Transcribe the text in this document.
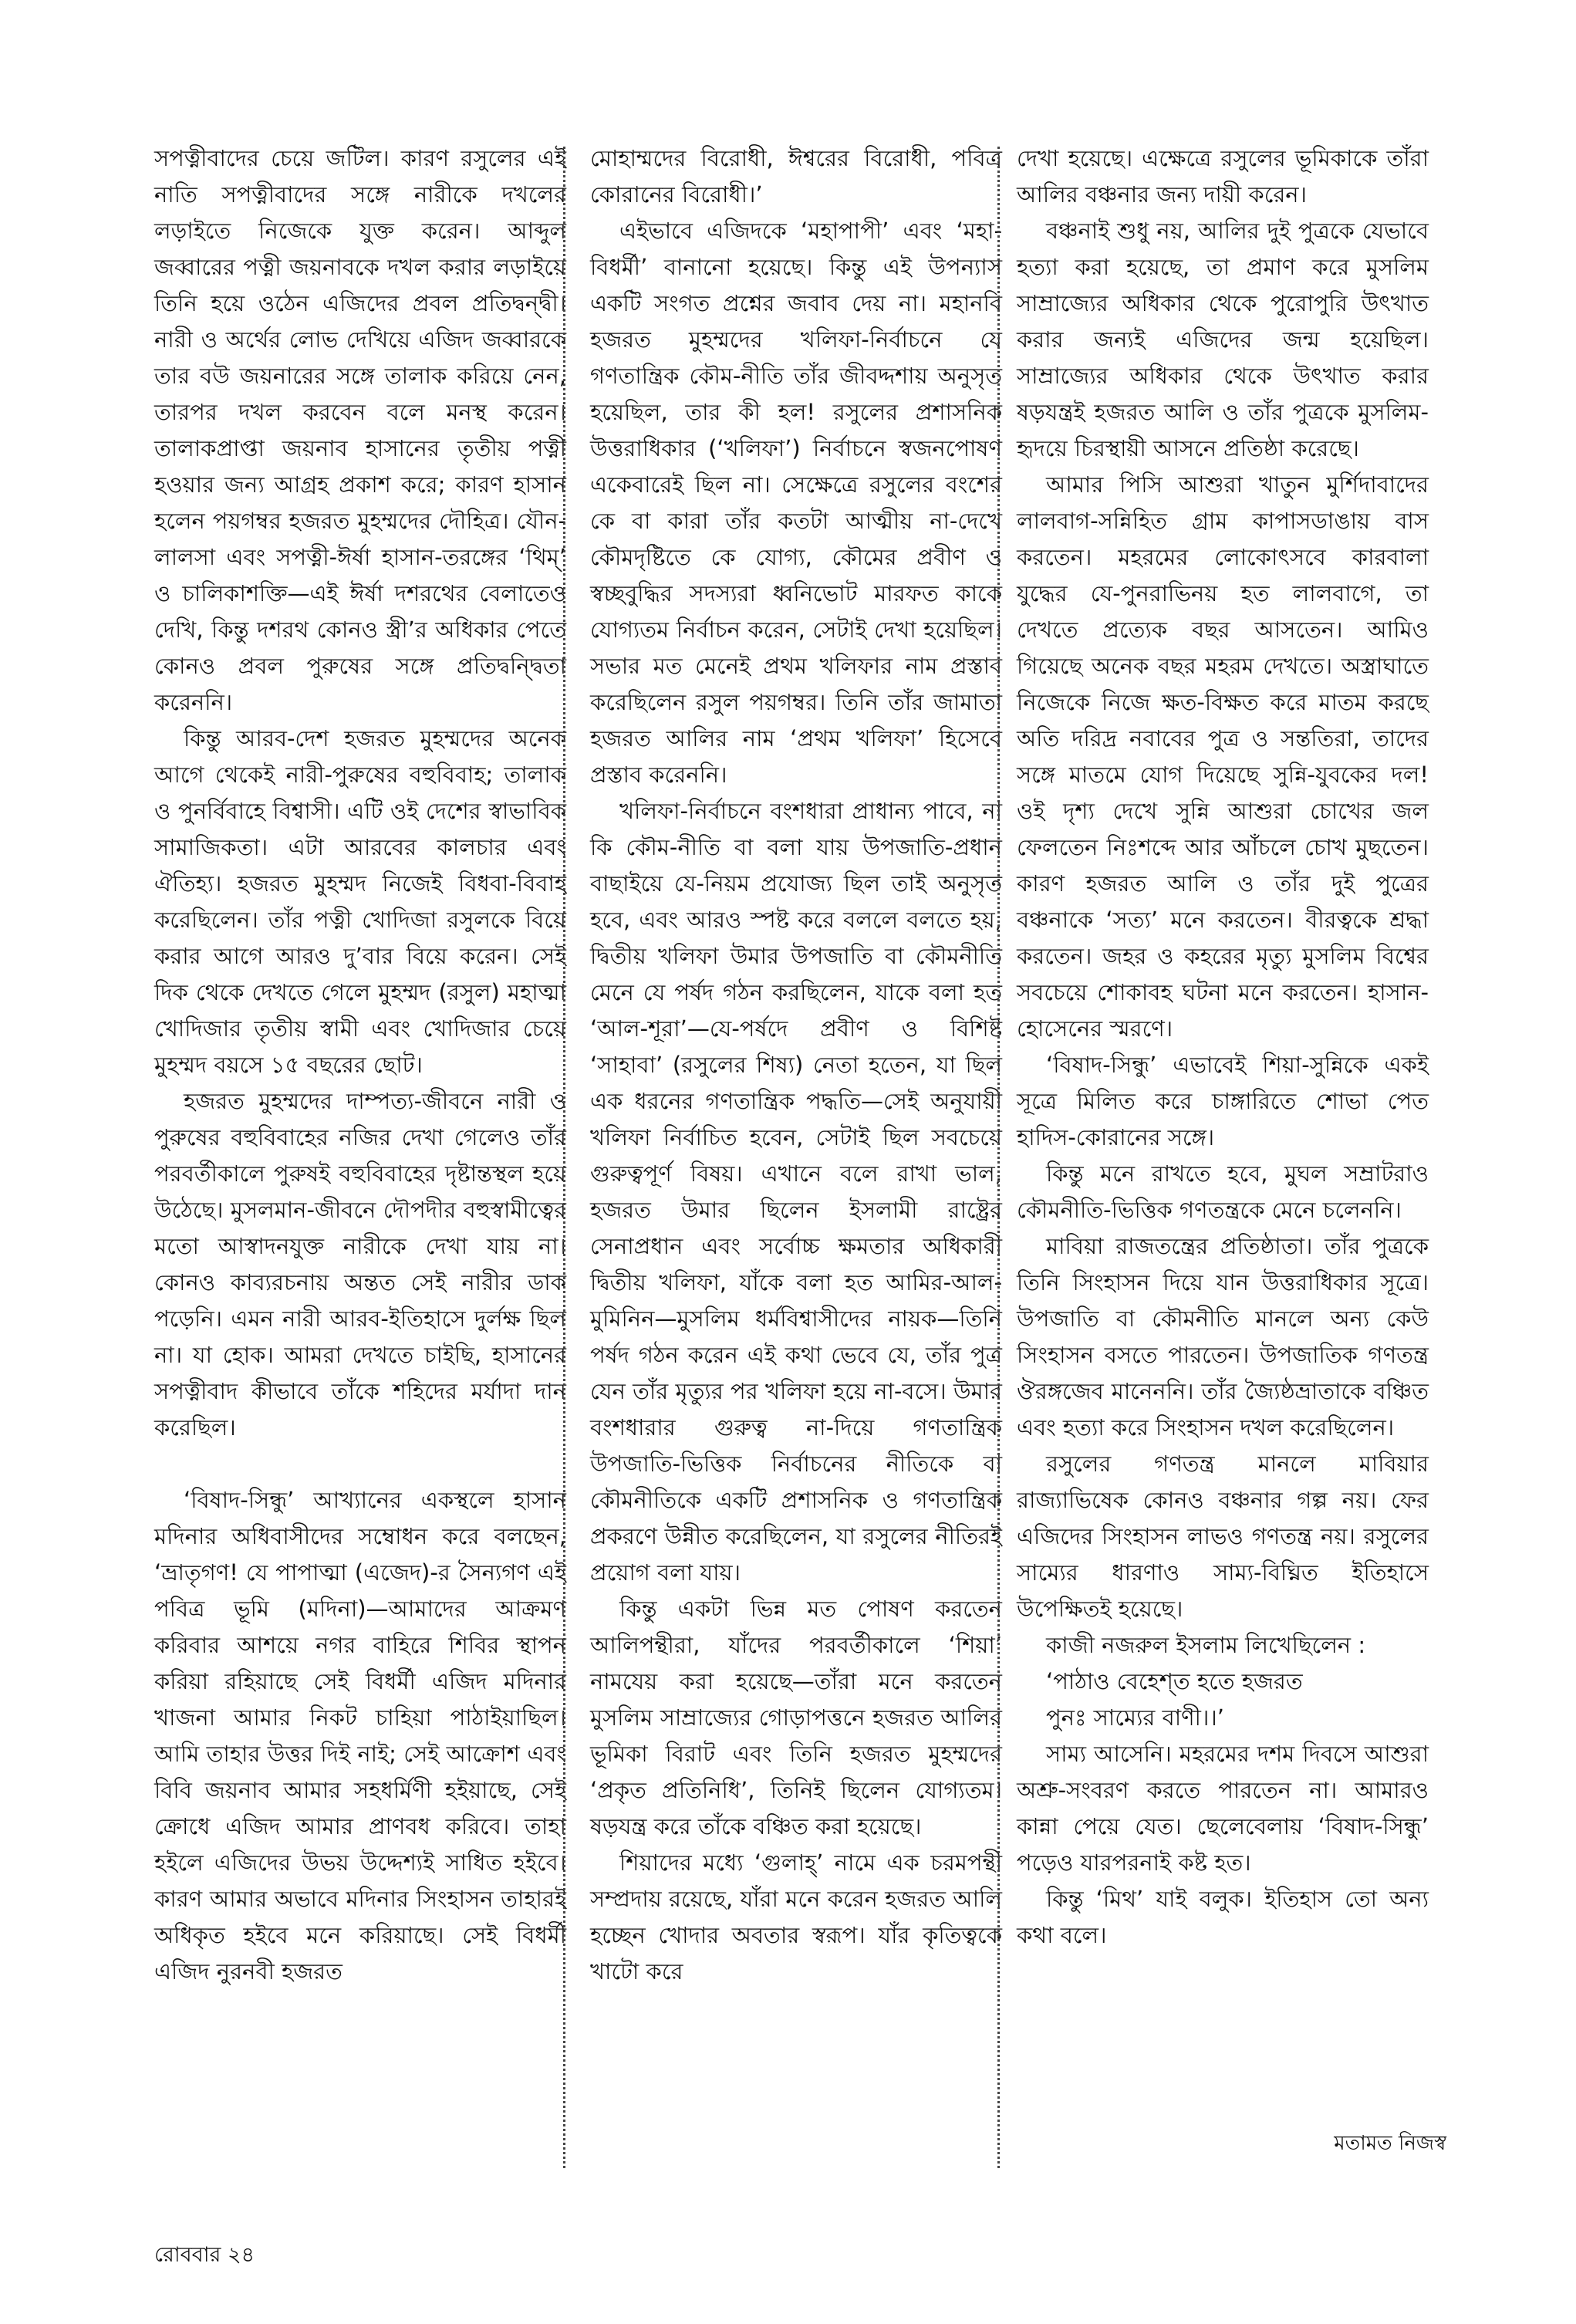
সপত্নীবাদের চেয়ে জটিল। কারণ রসুলের এই নাতি সপত্নীবাদের সঙ্গে নারীকে দখলের লড়াইতে নিজেকে যুক্ত করেন। আব্দুল জব্বারের পত্নী জয়নাবকে দখল করার লড়াইয়ে তিনি হয়ে ওঠেন এজিদের প্রবল প্রতিদ্বন্দ্বী। নারী ও অর্থের লোভ দেখিয়ে এজিদ জব্বারকে তার বউ জয়নারের সঙ্গে তালাক করিয়ে নেন, তারপর দখল করবেন বলে মনস্থ করেন। তালাকপ্রাপ্তা জয়নাব হাসানের তৃতীয় পত্নী হওয়ার জন্য আগ্রহ প্রকাশ করে; কারণ হাসান হলেন পয়গম্বর হজরত মুহম্মদের দৌহিত্র। যৌন-লালসা এবং সপত্নী-ঈর্ষা হাসান-তরঙ্গের ‘থিম্’ ও চালিকাশক্তি—এই ঈর্ষা দশরথের বেলাতেও দেখি, কিন্তু দশরথ কোনও স্ত্রী’র অধিকার পেতে কোনও প্রবল পুরুষের সঙ্গে প্রতিদ্বন্দ্বিতা করেননি।

কিন্তু আরব-দেশ হজরত মুহম্মদের অনেক আগে থেকেই নারী-পুরুষের বহুবিবাহ; তালাক ও পুনর্বিবাহে বিশ্বাসী। এটি ওই দেশের স্বাভাবিক সামাজিকতা। এটা আরবের কালচার এবং ঐতিহ্য। হজরত মুহম্মদ নিজেই বিধবা-বিবাহ করেছিলেন। তাঁর পত্নী খোদিজা রসুলকে বিয়ে করার আগে আরও দু’বার বিয়ে করেন। সেই দিক থেকে দেখতে গেলে মুহম্মদ (রসুল) মহাত্মা খোদিজার তৃতীয় স্বামী এবং খোদিজার চেয়ে মুহম্মদ বয়সে ১৫ বছরের ছোট।

হজরত মুহম্মদের দাম্পত্য-জীবনে নারী ও পুরুষের বহুবিবাহের নজির দেখা গেলেও তাঁর পরবর্তীকালে পুরুষই বহুবিবাহের দৃষ্টান্তস্থল হয়ে উঠেছে। মুসলমান-জীবনে দৌপদীর বহুস্বামীত্বের মতো আস্বাদনযুক্ত নারীকে দেখা যায় না। কোনও কাব্যরচনায় অন্তত সেই নারীর ডাক পড়েনি। এমন নারী আরব-ইতিহাসে দুর্লক্ষ ছিল না। যা হোক। আমরা দেখতে চাইছি, হাসানের সপত্নীবাদ কীভাবে তাঁকে শহিদের মর্যাদা দান করেছিল।

‘বিষাদ-সিন্ধু’ আখ্যানের একস্থলে হাসান মদিনার অধিবাসীদের সম্বোধন করে বলছেন, ‘ভ্রাতৃগণ! যে পাপাত্মা (এজেদ)-র সৈন্যগণ এই পবিত্র ভূমি (মদিনা)—আমাদের আক্রমণ করিবার আশয়ে নগর বাহিরে শিবির স্থাপন করিয়া রহিয়াছে সেই বিধর্মী এজিদ মদিনার খাজনা আমার নিকট চাহিয়া পাঠাইয়াছিল। আমি তাহার উত্তর দিই নাই; সেই আক্রোশ এবং বিবি জয়নাব আমার সহধর্মিণী হইয়াছে, সেই ক্রোধে এজিদ আমার প্রাণবধ করিবে। তাহা হইলে এজিদের উভয় উদ্দেশ্যই সাধিত হইবে। কারণ আমার অভাবে মদিনার সিংহাসন তাহারই অধিকৃত হইবে মনে করিয়াছে। সেই বিধর্মী এজিদ নুরনবী হজরত

মোহাম্মদের বিরোধী, ঈশ্বরের বিরোধী, পবিত্র কোরানের বিরোধী।’

এইভাবে এজিদকে ‘মহাপাপী’ এবং ‘মহা-বিধর্মী’ বানানো হয়েছে। কিন্তু এই উপন্যাস একটি সংগত প্রশ্নের জবাব দেয় না। মহানবি হজরত মুহম্মদের খলিফা-নির্বাচনে যে গণতান্ত্রিক কৌম-নীতি তাঁর জীবদ্দশায় অনুসৃত হয়েছিল, তার কী হল! রসুলের প্রশাসনিক উত্তরাধিকার (‘খলিফা’) নির্বাচনে স্বজনপোষণ একেবারেই ছিল না। সেক্ষেত্রে রসুলের বংশের কে বা কারা তাঁর কতটা আত্মীয় না-দেখে কৌমদৃষ্টিতে কে যোগ্য, কৌমের প্রবীণ ও স্বচ্ছবুদ্ধির সদস্যরা ধ্বনিভোট মারফত কাকে যোগ্যতম নির্বাচন করেন, সেটাই দেখা হয়েছিল। সভার মত মেনেই প্রথম খলিফার নাম প্রস্তাব করেছিলেন রসুল পয়গম্বর। তিনি তাঁর জামাতা হজরত আলির নাম ‘প্রথম খলিফা’ হিসেবে প্রস্তাব করেননি।

খলিফা-নির্বাচনে বংশধারা প্রাধান্য পাবে, না কি কৌম-নীতি বা বলা যায় উপজাতি-প্রধান বাছাইয়ে যে-নিয়ম প্রযোজ্য ছিল তাই অনুসৃত হবে, এবং আরও স্পষ্ট করে বললে বলতে হয়, দ্বিতীয় খলিফা উমার উপজাতি বা কৌমনীতি মেনে যে পর্ষদ গঠন করছিলেন, যাকে বলা হত ‘আল-শূরা’—যে-পর্ষদে প্রবীণ ও বিশিষ্ট ‘সাহাবা’ (রসুলের শিষ্য) নেতা হতেন, যা ছিল এক ধরনের গণতান্ত্রিক পদ্ধতি—সেই অনুযায়ী খলিফা নির্বাচিত হবেন, সেটাই ছিল সবচেয়ে গুরুত্বপূর্ণ বিষয়। এখানে বলে রাখা ভাল, হজরত উমার ছিলেন ইসলামী রাষ্ট্রের সেনাপ্রধান এবং সর্বোচ্চ ক্ষমতার অধিকারী দ্বিতীয় খলিফা, যাঁকে বলা হত আমির-আল-মুমিনিন—মুসলিম ধর্মবিশ্বাসীদের নায়ক—তিনি পর্ষদ গঠন করেন এই কথা ভেবে যে, তাঁর পুত্র যেন তাঁর মৃত্যুর পর খলিফা হয়ে না-বসে। উমার বংশধারার গুরুত্ব না-দিয়ে গণতান্ত্রিক উপজাতি-ভিত্তিক নির্বাচনের নীতিকে বা কৌমনীতিকে একটি প্রশাসনিক ও গণতান্ত্রিক প্রকরণে উন্নীত করেছিলেন, যা রসুলের নীতিরই প্রয়োগ বলা যায়।

কিন্তু একটা ভিন্ন মত পোষণ করতেন আলিপন্থীরা, যাঁদের পরবর্তীকালে ‘শিয়া’ নামযেয় করা হয়েছে—তাঁরা মনে করতেন মুসলিম সাম্রাজ্যের গোড়াপত্তনে হজরত আলির ভূমিকা বিরাট এবং তিনি হজরত মুহম্মদের ‘প্রকৃত প্রতিনিধি’, তিনিই ছিলেন যোগ্যতম। ষড়যন্ত্র করে তাঁকে বঞ্চিত করা হয়েছে।

শিয়াদের মধ্যে ‘গুলাহ্’ নামে এক চরমপন্থী সম্প্রদায় রয়েছে, যাঁরা মনে করেন হজরত আলি হচ্ছেন খোদার অবতার স্বরূপ। যাঁর কৃতিত্বকে খাটো করে

দেখা হয়েছে। এক্ষেত্রে রসুলের ভূমিকাকে তাঁরা আলির বঞ্চনার জন্য দায়ী করেন।

বঞ্চনাই শুধু নয়, আলির দুই পুত্রকে যেভাবে হত্যা করা হয়েছে, তা প্রমাণ করে মুসলিম সাম্রাজ্যের অধিকার থেকে পুরোপুরি উৎখাত করার জন্যই এজিদের জন্ম হয়েছিল। সাম্রাজ্যের অধিকার থেকে উৎখাত করার ষড়যন্ত্রই হজরত আলি ও তাঁর পুত্রকে মুসলিম-হৃদয়ে চিরস্থায়ী আসনে প্রতিষ্ঠা করেছে।

আমার পিসি আশুরা খাতুন মুর্শিদাবাদের লালবাগ-সন্নিহিত গ্রাম কাপাসডাঙায় বাস করতেন। মহরমের লোকোৎসবে কারবালা যুদ্ধের যে-পুনরাভিনয় হত লালবাগে, তা দেখতে প্রত্যেক বছর আসতেন। আমিও গিয়েছে অনেক বছর মহরম দেখতে। অস্ত্রাঘাতে নিজেকে নিজে ক্ষত-বিক্ষত করে মাতম করছে অতি দরিদ্র নবাবের পুত্র ও সন্ততিরা, তাদের সঙ্গে মাতমে যোগ দিয়েছে সুন্নি-যুবকের দল! ওই দৃশ্য দেখে সুন্নি আশুরা চোখের জল ফেলতেন নিঃশব্দে আর আঁচলে চোখ মুছতেন। কারণ হজরত আলি ও তাঁর দুই পুত্রের বঞ্চনাকে ‘সত্য’ মনে করতেন। বীরত্বকে শ্রদ্ধা করতেন। জহর ও কহরের মৃত্যু মুসলিম বিশ্বের সবচেয়ে শোকাবহ ঘটনা মনে করতেন। হাসান-হোসেনের স্মরণে।

‘বিষাদ-সিন্ধু’ এভাবেই শিয়া-সুন্নিকে একই সূত্রে মিলিত করে চাঙ্গারিতে শোভা পেত হাদিস-কোরানের সঙ্গে।

কিন্তু মনে রাখতে হবে, মুঘল সম্রাটরাও কৌমনীতি-ভিত্তিক গণতন্ত্রকে মেনে চলেননি।

মাবিয়া রাজতন্ত্রের প্রতিষ্ঠাতা। তাঁর পুত্রকে তিনি সিংহাসন দিয়ে যান উত্তরাধিকার সূত্রে। উপজাতি বা কৌমনীতি মানলে অন্য কেউ সিংহাসন বসতে পারতেন। উপজাতিক গণতন্ত্র ঔরঙ্গজেব মানেননি। তাঁর জ্যৈষ্ঠভ্রাতাকে বঞ্চিত এবং হত্যা করে সিংহাসন দখল করেছিলেন।

রসুলের গণতন্ত্র মানলে মাবিয়ার রাজ্যাভিষেক কোনও বঞ্চনার গল্প নয়। ফের এজিদের সিংহাসন লাভও গণতন্ত্র নয়। রসুলের সাম্যের ধারণাও সাম্য-বিঘ্নিত ইতিহাসে উপেক্ষিতই হয়েছে।

কাজী নজরুল ইসলাম লিখেছিলেন :

‘পাঠাও বেহেশ্‌ত হতে হজরত

পুনঃ সাম্যের বাণী।।’

সাম্য আসেনি। মহরমের দশম দিবসে আশুরা অশ্রু-সংবরণ করতে পারতেন না। আমারও কান্না পেয়ে যেত। ছেলেবেলায় ‘বিষাদ-সিন্ধু’ পড়েও যারপরনাই কষ্ট হত।

কিন্তু ‘মিথ’ যাই বলুক। ইতিহাস তো অন্য কথা বলে।

মতামত নিজস্ব
রোববার ২৪
